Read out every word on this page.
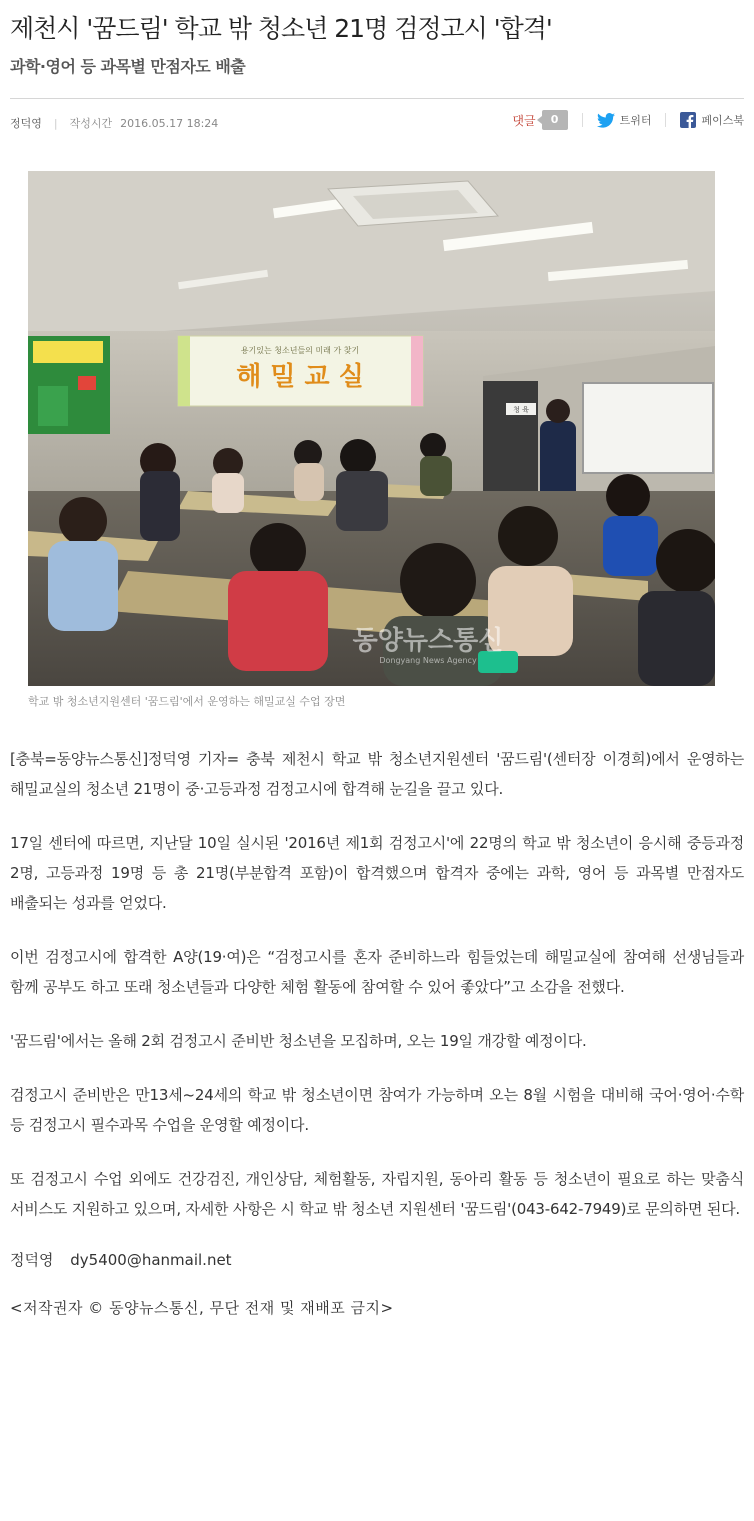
제천시 '꿈드림' 학교 밖 청소년 21명 검정고시 '합격'
과학·영어 등 과목별 만점자도 배출
정덕영 | 작성시간 2016.05.17 18:24	댓글	0	트위터	페이스북
용기있는 청소년들의 미래 가 찾기
해 밀 교 실
청 육
동양뉴스통신
Dongyang News Agency
학교 밖 청소년지원센터 '꿈드림'에서 운영하는 해밀교실 수업 장면

[충북=동양뉴스통신]정덕영 기자= 충북 제천시 학교 밖 청소년지원센터 '꿈드림'(센터장 이경희)에서 운영하는 해밀교실의 청소년 21명이 중·고등과정 검정고시에 합격해 눈길을 끌고 있다.

17일 센터에 따르면, 지난달 10일 실시된 '2016년 제1회 검정고시'에 22명의 학교 밖 청소년이 응시해 중등과정 2명, 고등과정 19명 등 총 21명(부분합격 포함)이 합격했으며 합격자 중에는 과학, 영어 등 과목별 만점자도 배출되는 성과를 얻었다.

이번 검정고시에 합격한 A양(19·여)은 “검정고시를 혼자 준비하느라 힘들었는데 해밀교실에 참여해 선생님들과 함께 공부도 하고 또래 청소년들과 다양한 체험 활동에 참여할 수 있어 좋았다”고 소감을 전했다.

'꿈드림'에서는 올해 2회 검정고시 준비반 청소년을 모집하며, 오는 19일 개강할 예정이다.

검정고시 준비반은 만13세~24세의 학교 밖 청소년이면 참여가 가능하며 오는 8월 시험을 대비해 국어·영어·수학 등 검정고시 필수과목 수업을 운영할 예정이다.

또 검정고시 수업 외에도 건강검진, 개인상담, 체험활동, 자립지원, 동아리 활동 등 청소년이 필요로 하는 맞춤식 서비스도 지원하고 있으며, 자세한 사항은 시 학교 밖 청소년 지원센터 '꿈드림'(043-642-7949)로 문의하면 된다.

정덕영 dy5400@hanmail.net
<저작권자 © 동양뉴스통신, 무단 전재 및 재배포 금지>
